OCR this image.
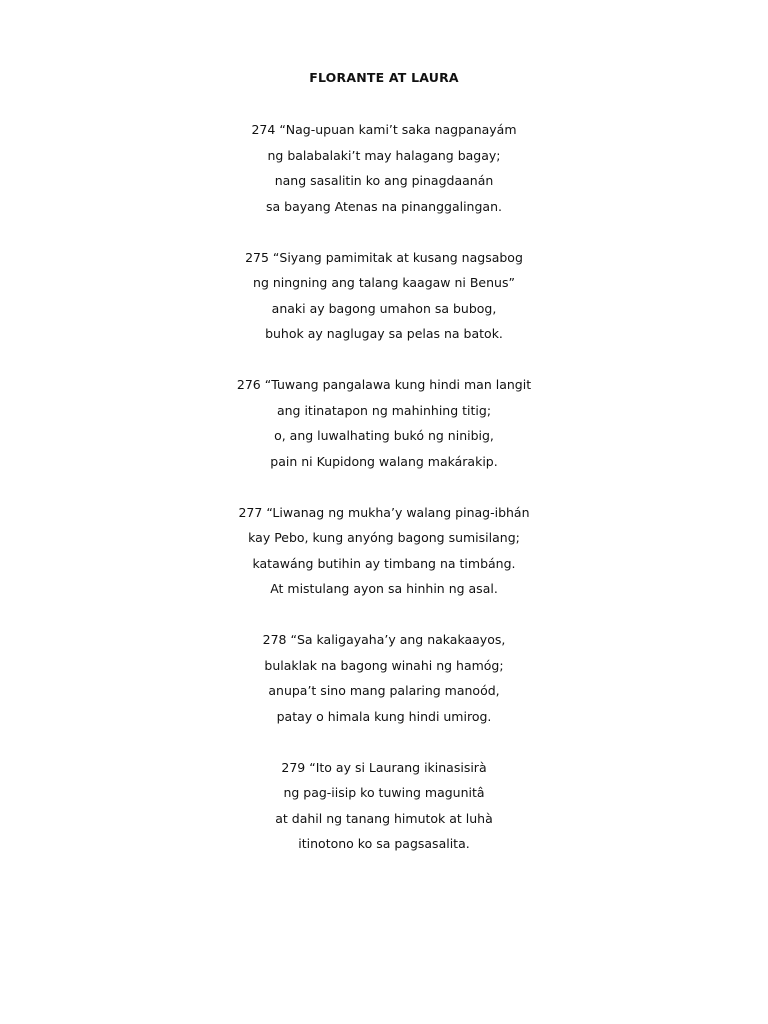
FLORANTE AT LAURA
274 “Nag-upuan kami’t saka nagpanayám
ng balabalaki’t may halagang bagay;
nang sasalitin ko ang pinagdaanán
sa bayang Atenas na pinanggalingan.
275 “Siyang pamimitak at kusang nagsabog
ng ningning ang talang kaagaw ni Benus”
anaki ay bagong umahon sa bubog,
buhok ay naglugay sa pelas na batok.
276 “Tuwang pangalawa kung hindi man langit
ang itinatapon ng mahinhing titig;
o, ang luwalhating bukó ng ninibig,
pain ni Kupidong walang makárakip.
277 “Liwanag ng mukha’y walang pinag-ibhán
kay Pebo, kung anyóng bagong sumisilang;
katawáng butihin ay timbang na timbáng.
At mistulang ayon sa hinhin ng asal.
278 “Sa kaligayaha’y ang nakakaayos,
bulaklak na bagong winahi ng hamóg;
anupa’t sino mang palaring manoód,
patay o himala kung hindi umirog.
279 “Ito ay si Laurang ikinasisirà
ng pag-iisip ko tuwing magunitâ
at dahil ng tanang himutok at luhà
itinotono ko sa pagsasalita.
